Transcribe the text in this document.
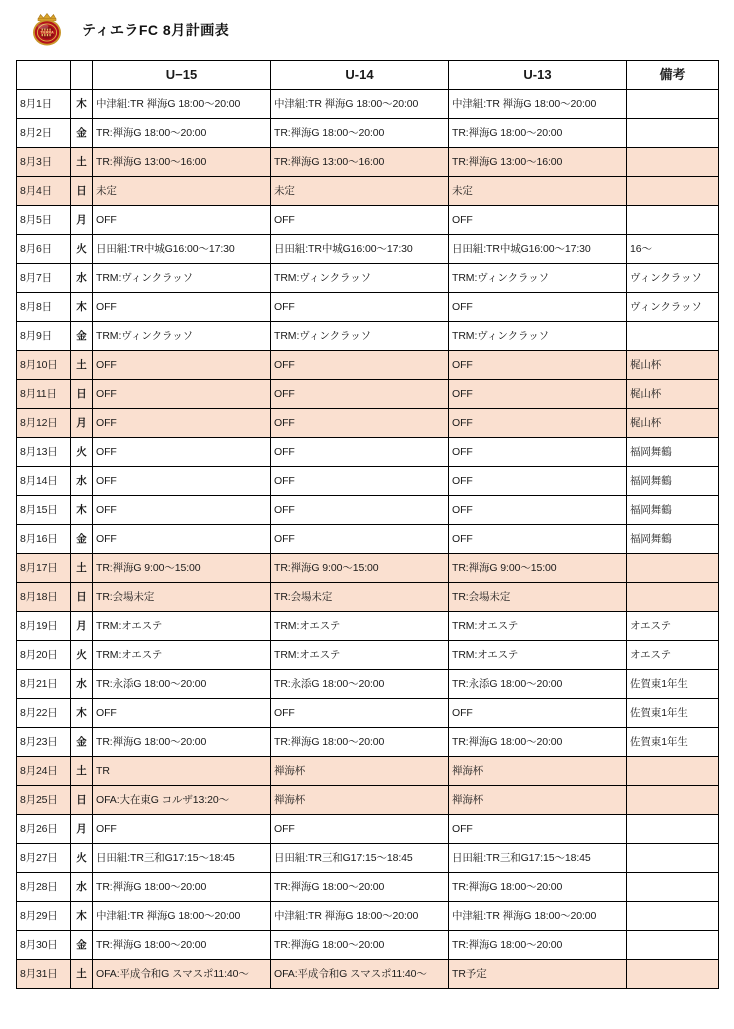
TIERRA ティエラFC 8月計画表
		U−15	U-14	U-13	備考
8月1日	木	中津組:TR 禅海G 18:00〜20:00	中津組:TR 禅海G 18:00〜20:00	中津組:TR 禅海G 18:00〜20:00	
8月2日	金	TR:禅海G 18:00〜20:00	TR:禅海G 18:00〜20:00	TR:禅海G 18:00〜20:00	
8月3日	土	TR:禅海G 13:00〜16:00	TR:禅海G 13:00〜16:00	TR:禅海G 13:00〜16:00	
8月4日	日	未定	未定	未定	
8月5日	月	OFF	OFF	OFF	
8月6日	火	日田組:TR中城G16:00〜17:30	日田組:TR中城G16:00〜17:30	日田組:TR中城G16:00〜17:30	16〜
8月7日	水	TRM:ヴィンクラッソ	TRM:ヴィンクラッソ	TRM:ヴィンクラッソ	ヴィンクラッソ
8月8日	木	OFF	OFF	OFF	ヴィンクラッソ
8月9日	金	TRM:ヴィンクラッソ	TRM:ヴィンクラッソ	TRM:ヴィンクラッソ	
8月10日	土	OFF	OFF	OFF	梶山杯
8月11日	日	OFF	OFF	OFF	梶山杯
8月12日	月	OFF	OFF	OFF	梶山杯
8月13日	火	OFF	OFF	OFF	福岡舞鶴
8月14日	水	OFF	OFF	OFF	福岡舞鶴
8月15日	木	OFF	OFF	OFF	福岡舞鶴
8月16日	金	OFF	OFF	OFF	福岡舞鶴
8月17日	土	TR:禅海G 9:00〜15:00	TR:禅海G 9:00〜15:00	TR:禅海G 9:00〜15:00	
8月18日	日	TR:会場未定	TR:会場未定	TR:会場未定	
8月19日	月	TRM:オエステ	TRM:オエステ	TRM:オエステ	オエステ
8月20日	火	TRM:オエステ	TRM:オエステ	TRM:オエステ	オエステ
8月21日	水	TR:永添G 18:00〜20:00	TR:永添G 18:00〜20:00	TR:永添G 18:00〜20:00	佐賀東1年生
8月22日	木	OFF	OFF	OFF	佐賀東1年生
8月23日	金	TR:禅海G 18:00〜20:00	TR:禅海G 18:00〜20:00	TR:禅海G 18:00〜20:00	佐賀東1年生
8月24日	土	TR	禅海杯	禅海杯	
8月25日	日	OFA:大在東G コルザ13:20〜	禅海杯	禅海杯	
8月26日	月	OFF	OFF	OFF	
8月27日	火	日田組:TR三和G17:15〜18:45	日田組:TR三和G17:15〜18:45	日田組:TR三和G17:15〜18:45	
8月28日	水	TR:禅海G 18:00〜20:00	TR:禅海G 18:00〜20:00	TR:禅海G 18:00〜20:00	
8月29日	木	中津組:TR 禅海G 18:00〜20:00	中津組:TR 禅海G 18:00〜20:00	中津組:TR 禅海G 18:00〜20:00	
8月30日	金	TR:禅海G 18:00〜20:00	TR:禅海G 18:00〜20:00	TR:禅海G 18:00〜20:00	
8月31日	土	OFA:平成令和G スマスポ11:40〜	OFA:平成令和G スマスポ11:40〜	TR予定	
